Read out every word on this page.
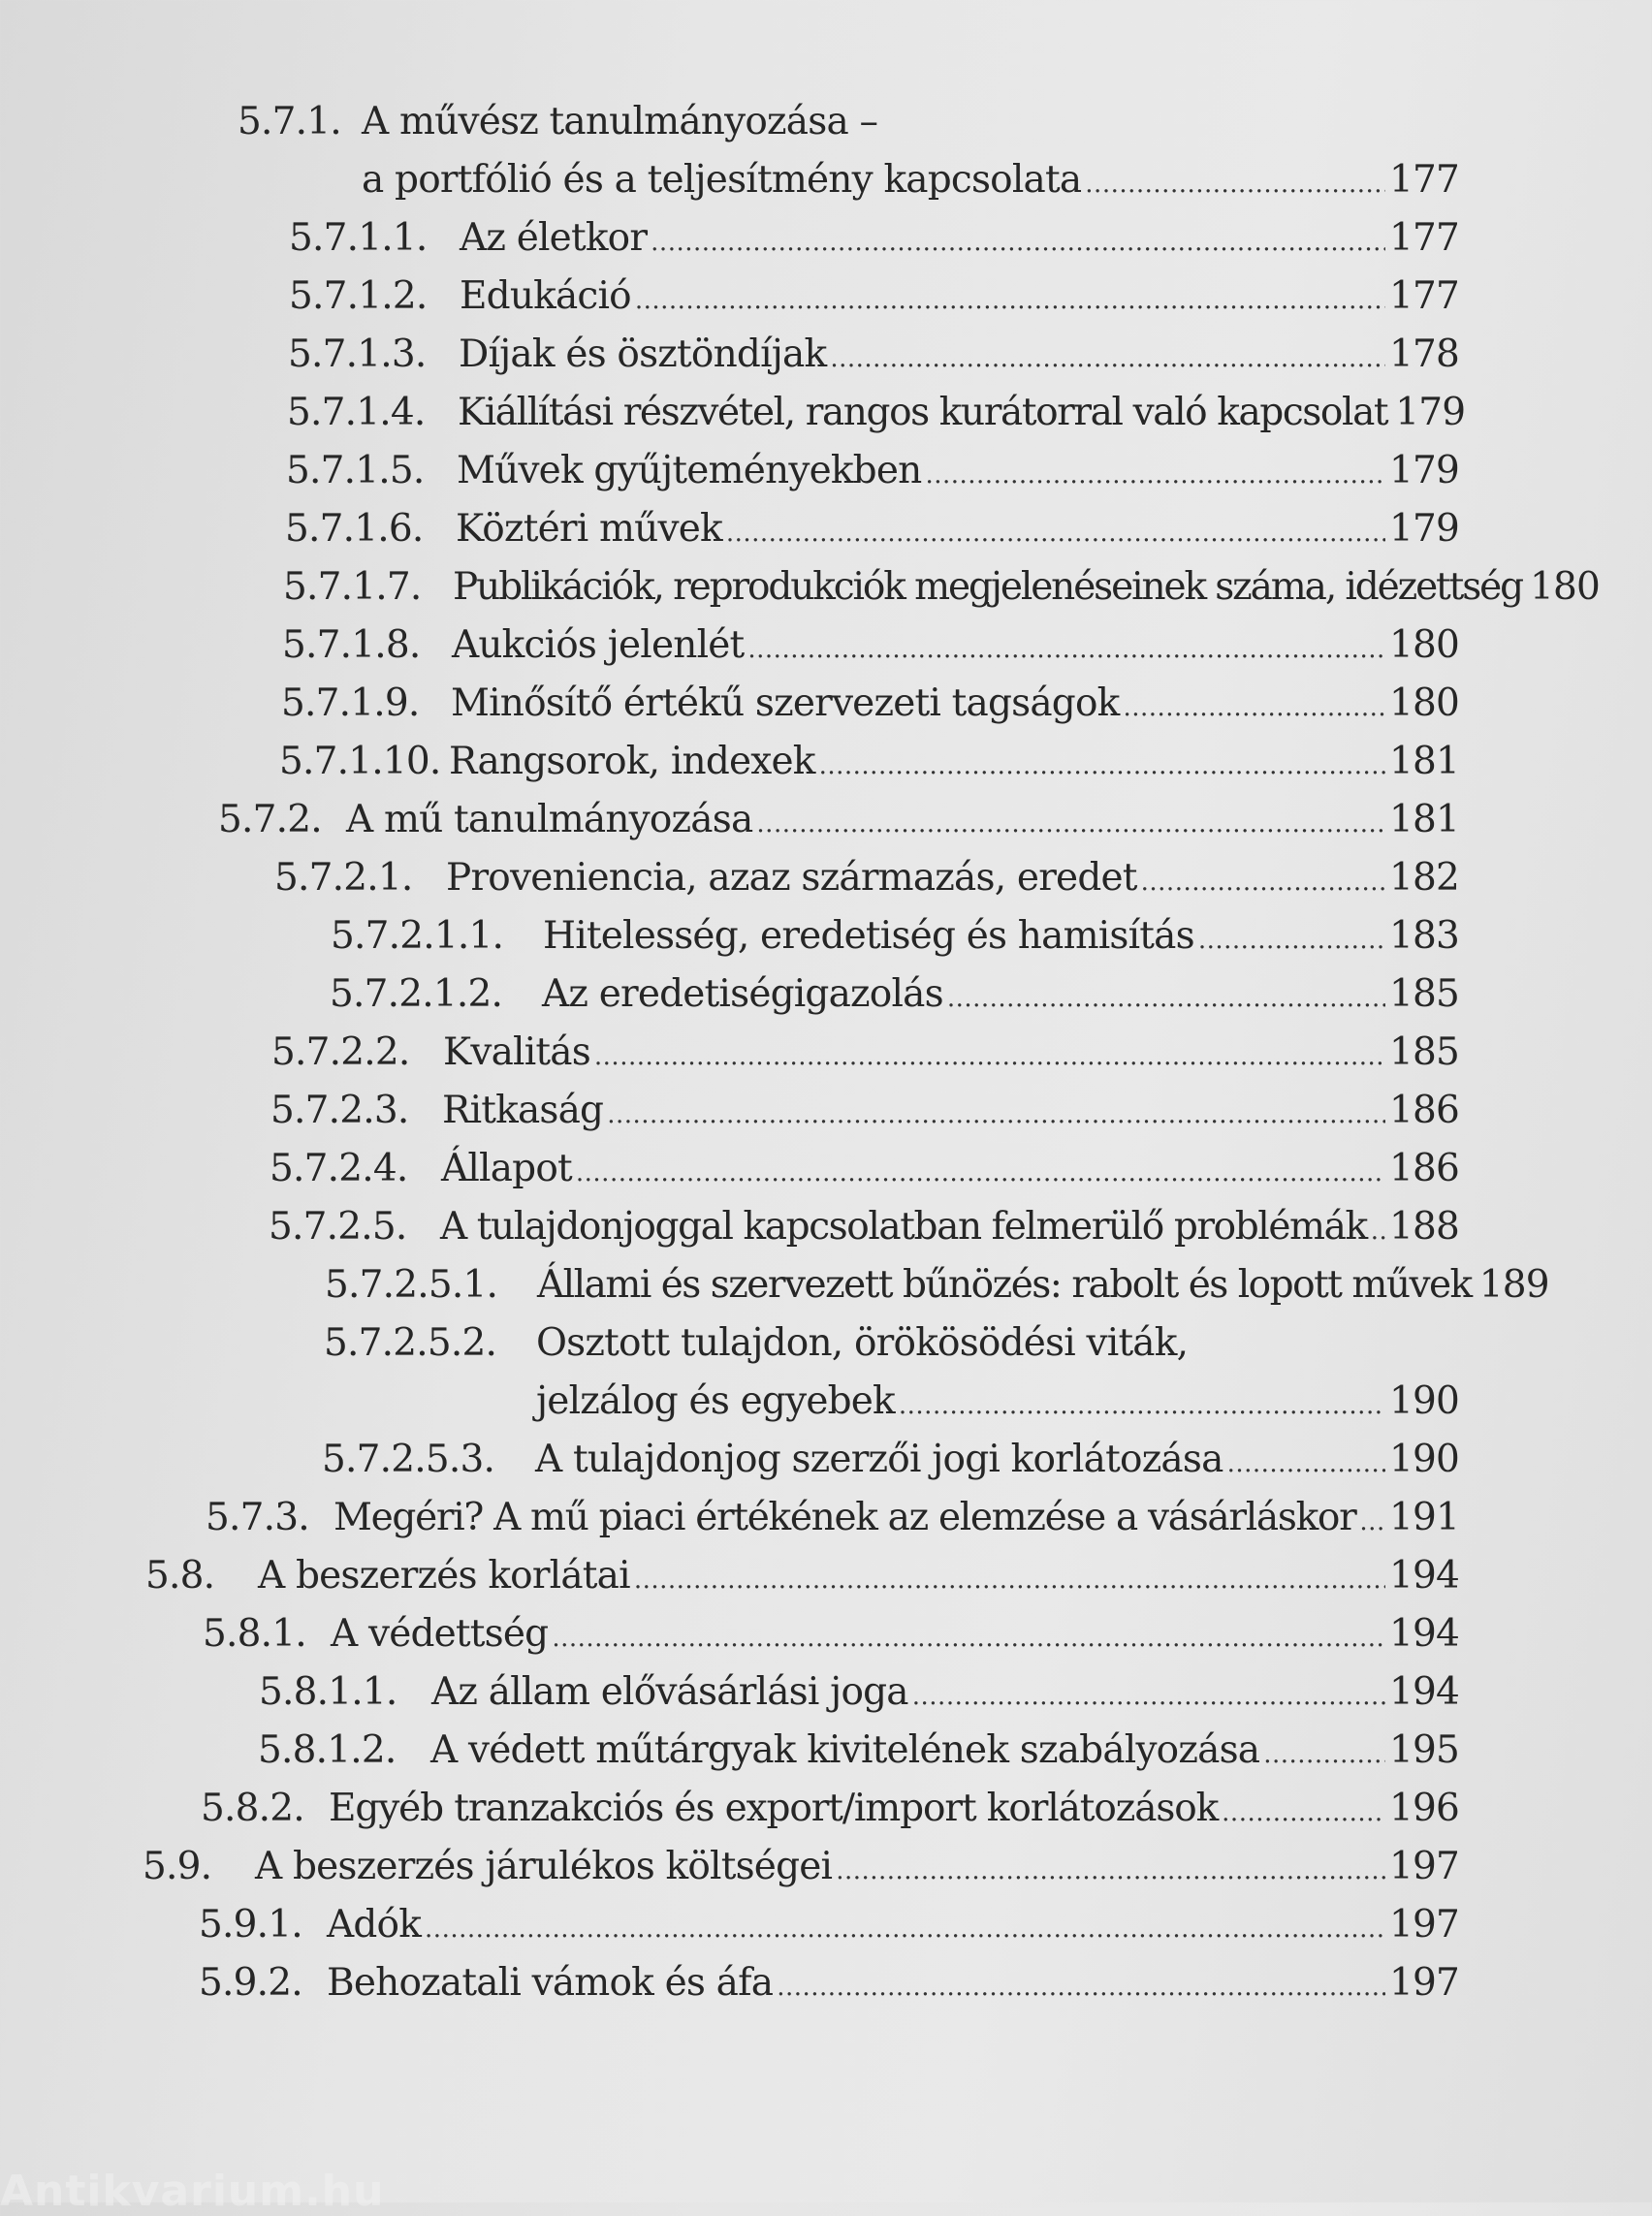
5.7.1. A művész tanulmányozása –
a portfólió és a teljesítmény kapcsolata .....	177
5.7.1.1. Az életkor .....	177
5.7.1.2. Edukáció .....	177
5.7.1.3. Díjak és ösztöndíjak .....	178
5.7.1.4. Kiállítási részvétel, rangos kurátorral való kapcsolat 179
5.7.1.5. Művek gyűjteményekben .....	179
5.7.1.6. Köztéri művek .....	179
5.7.1.7. Publikációk, reprodukciók megjelenéseinek száma, idézettség 180
5.7.1.8. Aukciós jelenlét .....	180
5.7.1.9. Minősítő értékű szervezeti tagságok .....	180
5.7.1.10. Rangsorok, indexek .....	181
5.7.2. A mű tanulmányozása .....	181
5.7.2.1. Proveniencia, azaz származás, eredet .....	182
5.7.2.1.1.	Hitelesség, eredetiség és hamisítás .....	183
5.7.2.1.2.	Az eredetiségigazolás .....	185
5.7.2.2. Kvalitás .....	185
5.7.2.3. Ritkaság .....	186
5.7.2.4. Állapot .....	186
5.7.2.5. A tulajdonjoggal kapcsolatban felmerülő problémák ..... 188
5.7.2.5.1.	Állami és szervezett bűnözés: rabolt és lopott művek 189
5.7.2.5.2.	Osztott tulajdon, örökösödési viták,
jelzálog és egyebek .....	190
5.7.2.5.3.	A tulajdonjog szerzői jogi korlátozása .....	190
5.7.3. Megéri? A mű piaci értékének az elemzése a vásárláskor ..... 191
5.8.	A beszerzés korlátai .....	194
5.8.1. A védettség .....	194
5.8.1.1. Az állam elővásárlási joga .....	194
5.8.1.2. A védett műtárgyak kivitelének szabályozása .....	195
5.8.2. Egyéb tranzakciós és export/import korlátozások .....	196
5.9.	A beszerzés járulékos költségei .....	197
5.9.1. Adók .....	197
5.9.2. Behozatali vámok és áfa .....	197
Antikvarium.hu
